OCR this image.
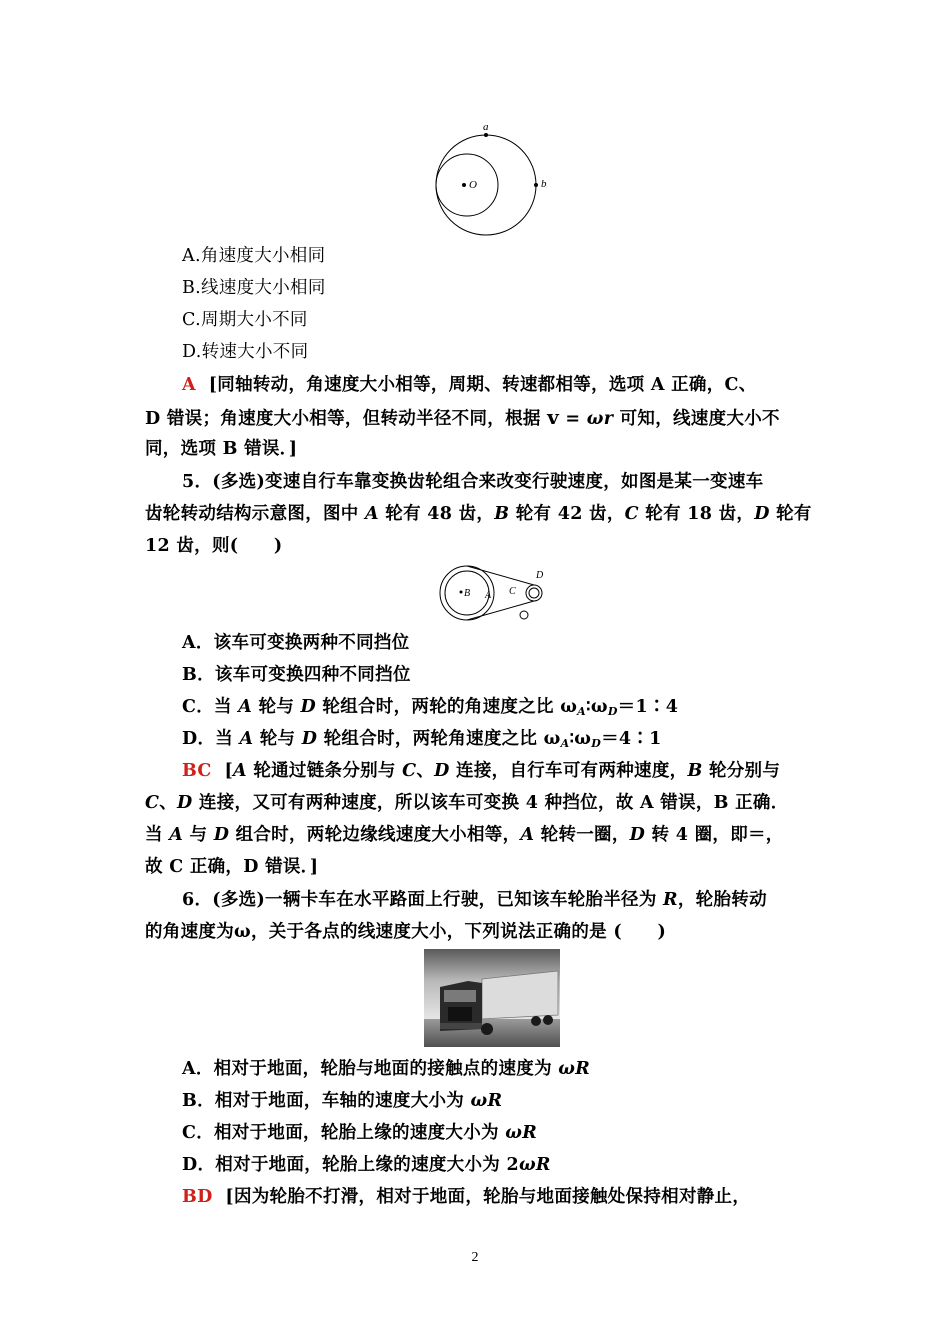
a
b
O
A.角速度大小相同
B.线速度大小相同
C.周期大小不同
D.转速大小不同
A [同轴转动，角速度大小相等，周期、转速都相等，选项 A 正确，C、
D 错误；角速度大小相等，但转动半径不同，根据 v = ωr 可知，线速度大小不
同，选项 B 错误．]
5．(多选)变速自行车靠变换齿轮组合来改变行驶速度，如图是某一变速车
齿轮转动结构示意图，图中 A 轮有 48 齿，B 轮有 42 齿，C 轮有 18 齿，D 轮有
12 齿，则(　　)
B A C
D
A．该车可变换两种不同挡位
B．该车可变换四种不同挡位
C．当 A 轮与 D 轮组合时，两轮的角速度之比 $\omega_A∶\omega_D=1∶4$
D．当 A 轮与 D 轮组合时，两轮角速度之比 $\omega_A∶\omega_D=4∶1$
BC [A 轮通过链条分别与 C、D 连接，自行车可有两种速度，B 轮分别与
C、D 连接，又可有两种速度，所以该车可变换 4 种挡位，故 A 错误，B 正确．
当 A 与 D 组合时，两轮边缘线速度大小相等，A 轮转一圈，D 转 4 圈，即＝，
故 C 正确，D 错误．]
6．(多选)一辆卡车在水平路面上行驶，已知该车轮胎半径为 R，轮胎转动
的角速度为ω，关于各点的线速度大小，下列说法正确的是 (　　)
A．相对于地面，轮胎与地面的接触点的速度为 ωR
B．相对于地面，车轴的速度大小为 ωR
C．相对于地面，轮胎上缘的速度大小为 ωR
D．相对于地面，轮胎上缘的速度大小为 2ωR
BD [因为轮胎不打滑，相对于地面，轮胎与地面接触处保持相对静止，
2
